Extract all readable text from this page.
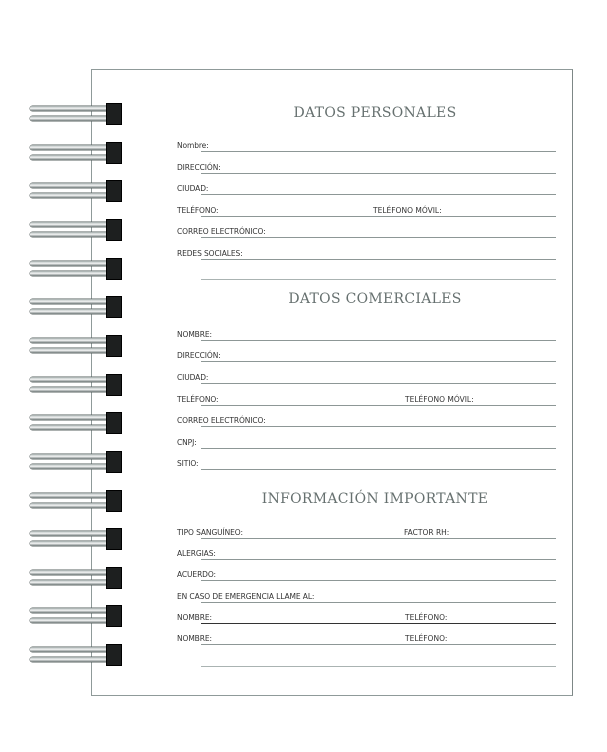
DATOS PERSONALES
Nombre:
DIRECCIÓN:
CIUDAD:
TELÉFONO:	TELÉFONO MÓVIL:
CORREO ELECTRÓNICO:
REDES SOCIALES:
DATOS COMERCIALES
NOMBRE:
DIRECCIÓN:
CIUDAD:
TELÉFONO:	TELÉFONO MÓVIL:
CORREO ELECTRÓNICO:
CNPJ:
SITIO:
INFORMACIÓN IMPORTANTE
TIPO SANGUÍNEO:	FACTOR RH:
ALERGIAS:
ACUERDO:
EN CASO DE EMERGENCIA LLAME AL:
NOMBRE:	TELÉFONO:
NOMBRE:	TELÉFONO:
